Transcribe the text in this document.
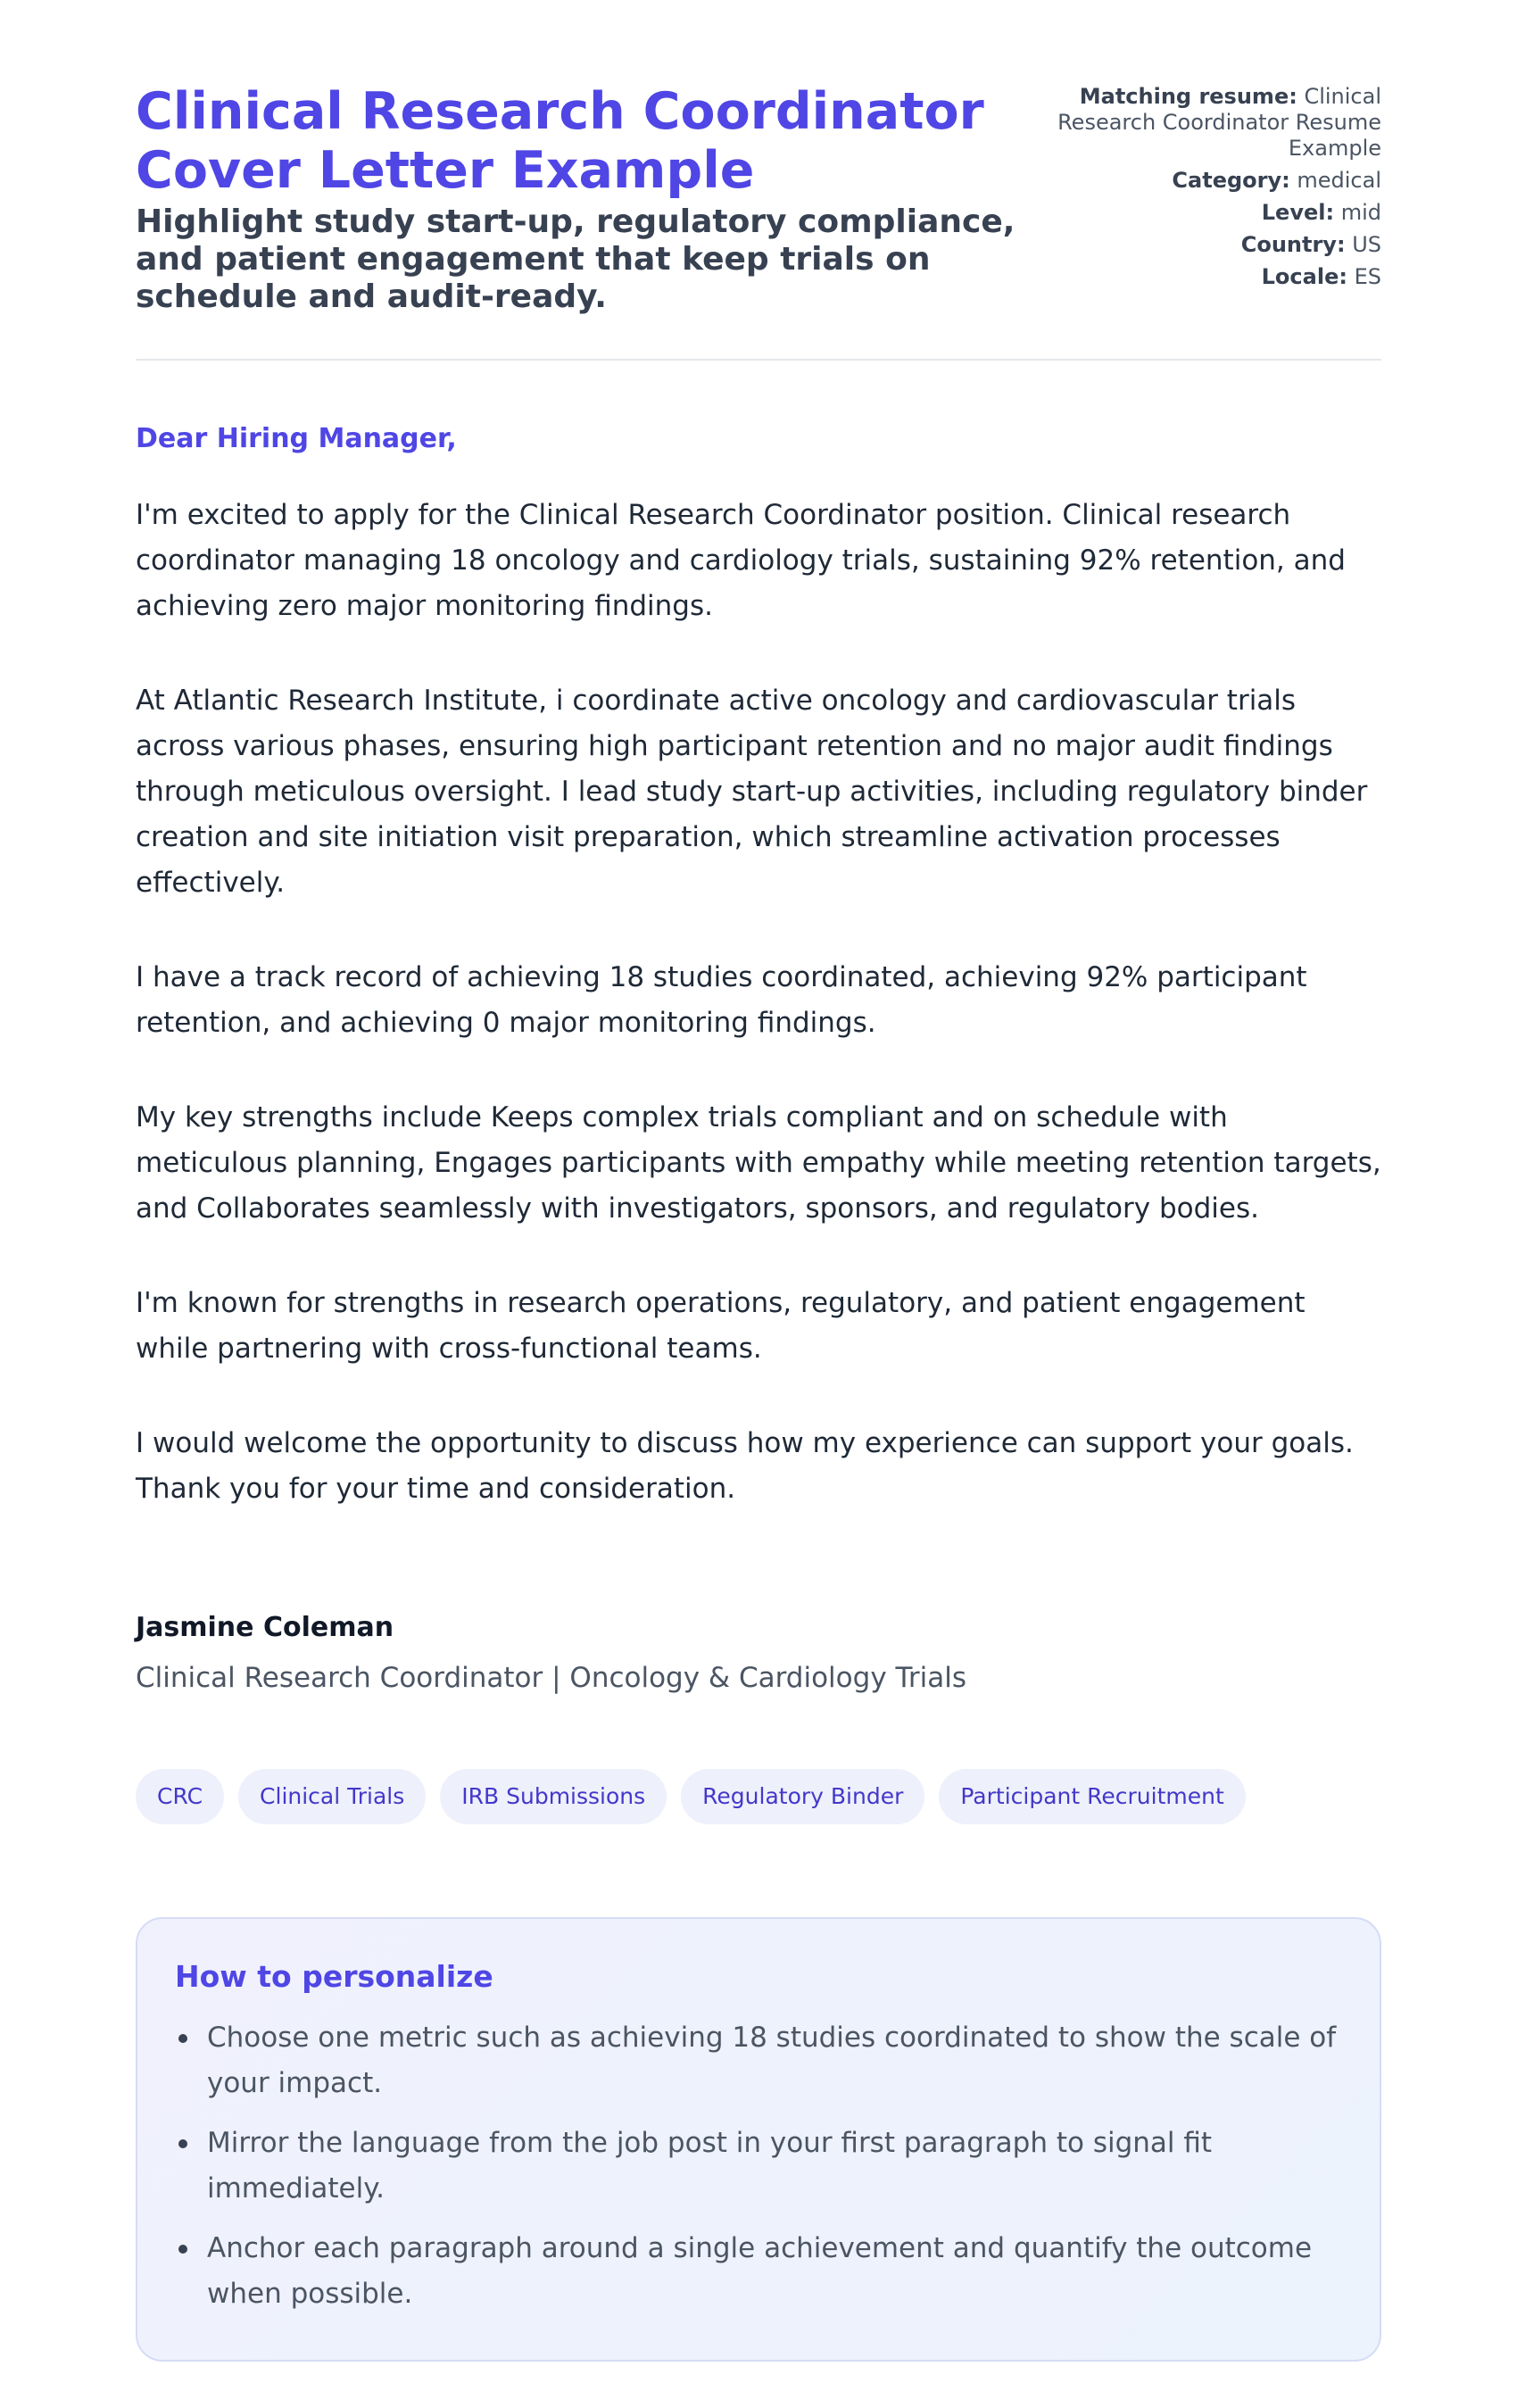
Clinical Research Coordinator Cover Letter Example
Highlight study start-up, regulatory compliance, and patient engagement that keep trials on schedule and audit-ready.
Matching resume: Clinical Research Coordinator Resume Example
Category: medical
Level: mid
Country: US
Locale: ES

Dear Hiring Manager,

I'm excited to apply for the Clinical Research Coordinator position. Clinical research coordinator managing 18 oncology and cardiology trials, sustaining 92% retention, and achieving zero major monitoring findings.

At Atlantic Research Institute, i coordinate active oncology and cardiovascular trials across various phases, ensuring high participant retention and no major audit findings through meticulous oversight. I lead study start-up activities, including regulatory binder creation and site initiation visit preparation, which streamline activation processes effectively.

I have a track record of achieving 18 studies coordinated, achieving 92% participant retention, and achieving 0 major monitoring findings.

My key strengths include Keeps complex trials compliant and on schedule with meticulous planning, Engages participants with empathy while meeting retention targets, and Collaborates seamlessly with investigators, sponsors, and regulatory bodies.

I'm known for strengths in research operations, regulatory, and patient engagement while partnering with cross-functional teams.

I would welcome the opportunity to discuss how my experience can support your goals. Thank you for your time and consideration.

Jasmine Coleman

Clinical Research Coordinator | Oncology & Cardiology Trials

CRC	Clinical Trials	IRB Submissions	Regulatory Binder	Participant Recruitment
How to personalize
Choose one metric such as achieving 18 studies coordinated to show the scale of your impact.
Mirror the language from the job post in your first paragraph to signal fit immediately.
Anchor each paragraph around a single achievement and quantify the outcome when possible.
